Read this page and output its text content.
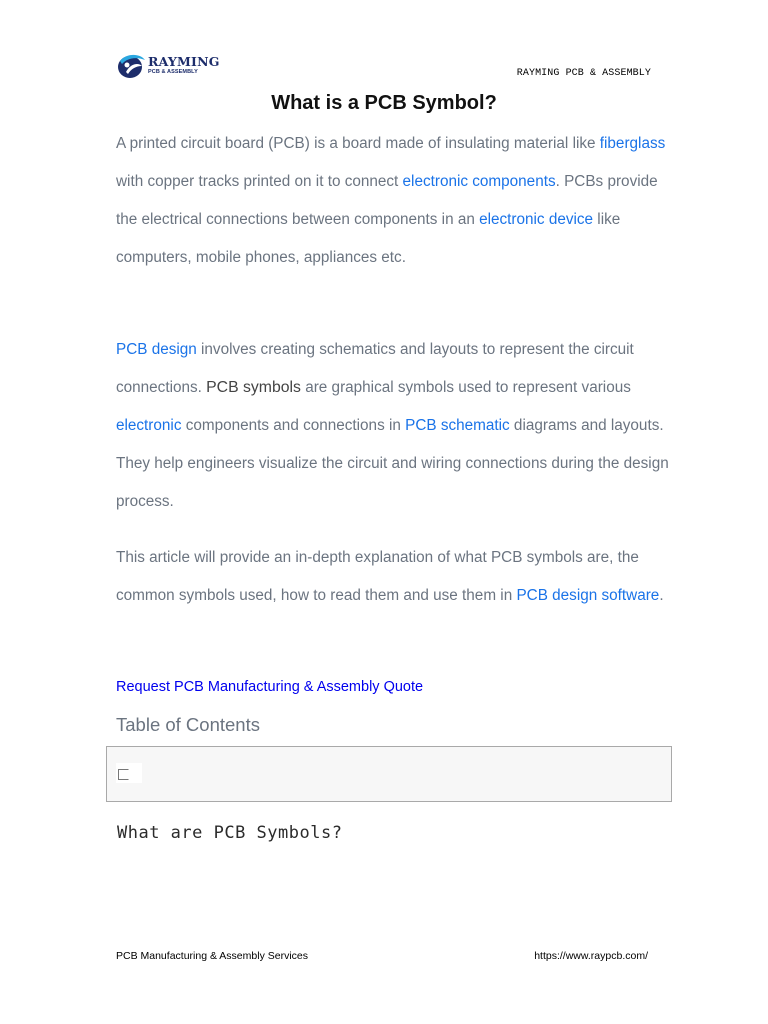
RAYMING
PCB & ASSEMBLY	RAYMING PCB & ASSEMBLY
What is a PCB Symbol?

A printed circuit board (PCB) is a board made of insulating material like fiberglass with copper tracks printed on it to connect electronic components. PCBs provide the electrical connections between components in an electronic device like computers, mobile phones, appliances etc.

PCB design involves creating schematics and layouts to represent the circuit connections. PCB symbols are graphical symbols used to represent various electronic components and connections in PCB schematic diagrams and layouts. They help engineers visualize the circuit and wiring connections during the design process.

This article will provide an in-depth explanation of what PCB symbols are, the common symbols used, how to read them and use them in PCB design software.

Request PCB Manufacturing & Assembly Quote
Table of Contents
What are PCB Symbols?
PCB Manufacturing & Assembly Services	https://www.raypcb.com/
